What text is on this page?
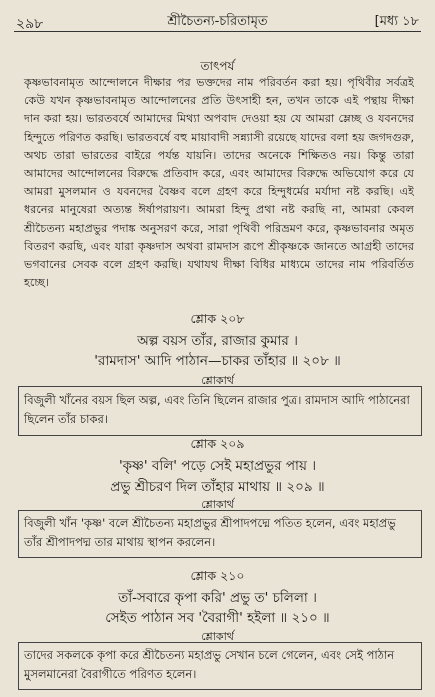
২৯৮	শ্রীচৈতন্য-চরিতামৃত	[মধ্য ১৮
তাৎপর্য
কৃষ্ণভাবনামৃত আন্দোলনে দীক্ষার পর ভক্তদের নাম পরিবর্তন করা হয়। পৃথিবীর সর্বত্রই কেউ যখন কৃষ্ণভাবনামৃত আন্দোলনের প্রতি উৎসাহী হন, তখন তাকে এই পন্থায় দীক্ষা দান করা হয়। ভারতবর্ষে আমাদের মিথ্যা অপবাদ দেওয়া হয় যে আমরা ম্লেচ্ছ ও যবনদের হিন্দুতে পরিণত করছি। ভারতবর্ষে বহু মায়াবাদী সন্ন্যাসী রয়েছে যাদের বলা হয় জগদগুরু, অথচ তারা ভারতের বাইরে পর্যন্ত যায়নি। তাদের অনেকে শিক্ষিতও নয়। কিন্তু তারা আমাদের আন্দোলনের বিরুদ্ধে প্রতিবাদ করে, এবং আমাদের বিরুদ্ধে অভিযোগ করে যে আমরা মুসলমান ও যবনদের বৈষ্ণব বলে গ্রহণ করে হিন্দুধর্মের মর্যাদা নষ্ট করছি। এই ধরনের মানুষেরা অত্যন্ত ঈর্ষাপরায়ণ। আমরা হিন্দু প্রথা নষ্ট করছি না, আমরা কেবল শ্রীচৈতন্য মহাপ্রভুর পদাঙ্ক অনুসরণ করে, সারা পৃথিবী পরিভ্রমণ করে, কৃষ্ণভাবনার অমৃত বিতরণ করছি, এবং যারা কৃষ্ণদাস অথবা রামদাস রূপে শ্রীকৃষ্ণকে জানতে আগ্রহী তাদের ভগবানের সেবক বলে গ্রহণ করছি। যথাযথ দীক্ষা বিধির মাধ্যমে তাদের নাম পরিবর্তিত হচ্ছে।
শ্লোক ২০৮
অল্প বয়স তাঁর, রাজার কুমার ।
'রামদাস' আদি পাঠান—চাকর তাঁহার ॥ ২০৮ ॥
শ্লোকার্থ
বিজুলী খাঁনের বয়স ছিল অল্প, এবং তিনি ছিলেন রাজার পুত্র। রামদাস আদি পাঠানেরা ছিলেন তাঁর চাকর।
শ্লোক ২০৯
'কৃষ্ণ' বলি' পড়ে সেই মহাপ্রভুর পায় ।
প্রভু শ্রীচরণ দিল তাঁহার মাথায় ॥ ২০৯ ॥
শ্লোকার্থ
বিজুলী খাঁন 'কৃষ্ণ' বলে শ্রীচৈতন্য মহাপ্রভুর শ্রীপাদপদ্মে পতিত হলেন, এবং মহাপ্রভু তাঁর শ্রীপাদপদ্ম তার মাথায় স্থাপন করলেন।
শ্লোক ২১০
তাঁ-সবারে কৃপা করি' প্রভু ত' চলিলা ।
সেইত পাঠান সব 'বৈরাগী' হইলা ॥ ২১০ ॥
শ্লোকার্থ
তাদের সকলকে কৃপা করে শ্রীচৈতন্য মহাপ্রভু সেখান চলে গেলেন, এবং সেই পাঠান মুসলমানেরা বৈরাগীতে পরিণত হলেন।
